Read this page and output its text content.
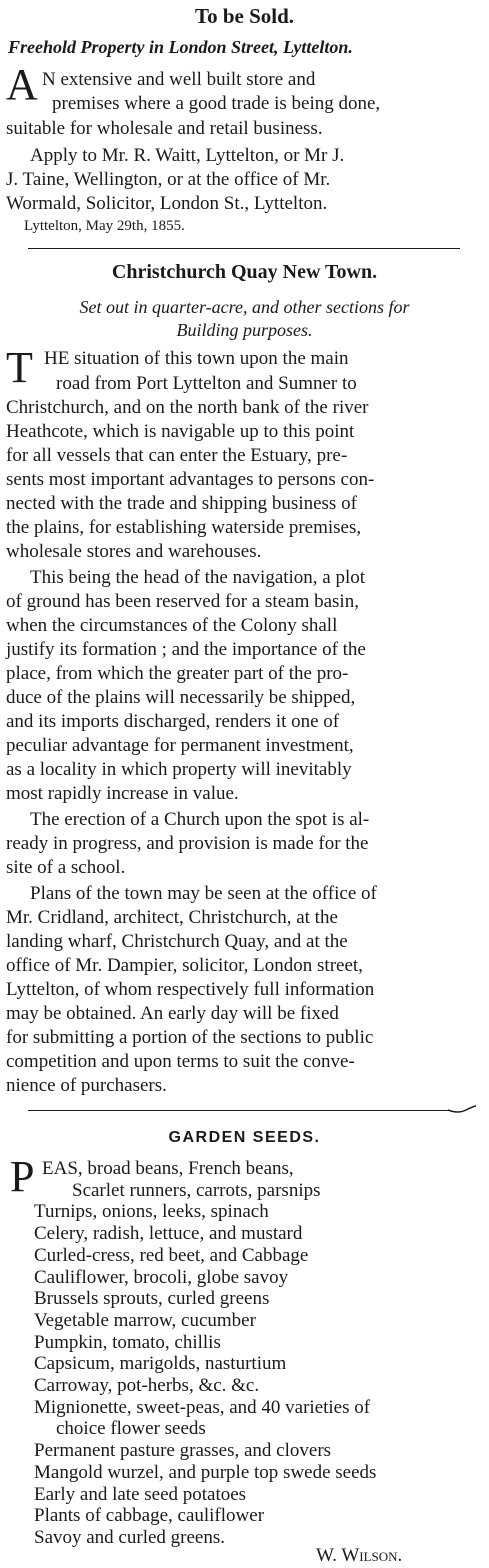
To be Sold.
Freehold Property in London Street, Lyttelton.
A N extensive and well built store and
premises where a good trade is being done,
suitable for wholesale and retail business.
Apply to Mr. R. Waitt, Lyttelton, or Mr J.
J. Taine, Wellington, or at the office of Mr.
Wormald, Solicitor, London St., Lyttelton.
Lyttelton, May 29th, 1855.
Christchurch Quay New Town.
Set out in quarter-acre, and other sections for
Building purposes.
T HE situation of this town upon the main
road from Port Lyttelton and Sumner to
Christchurch, and on the north bank of the river
Heathcote, which is navigable up to this point
for all vessels that can enter the Estuary, pre-
sents most important advantages to persons con-
nected with the trade and shipping business of
the plains, for establishing waterside premises,
wholesale stores and warehouses.
This being the head of the navigation, a plot
of ground has been reserved for a steam basin,
when the circumstances of the Colony shall
justify its formation ; and the importance of the
place, from which the greater part of the pro-
duce of the plains will necessarily be shipped,
and its imports discharged, renders it one of
peculiar advantage for permanent investment,
as a locality in which property will inevitably
most rapidly increase in value.
The erection of a Church upon the spot is al-
ready in progress, and provision is made for the
site of a school.
Plans of the town may be seen at the office of
Mr. Cridland, architect, Christchurch, at the
landing wharf, Christchurch Quay, and at the
office of Mr. Dampier, solicitor, London street,
Lyttelton, of whom respectively full information
may be obtained. An early day will be fixed
for submitting a portion of the sections to public
competition and upon terms to suit the conve-
nience of purchasers.
GARDEN SEEDS.
P EAS, broad beans, French beans,
Scarlet runners, carrots, parsnips
Turnips, onions, leeks, spinach
Celery, radish, lettuce, and mustard
Curled-cress, red beet, and Cabbage
Cauliflower, brocoli, globe savoy
Brussels sprouts, curled greens
Vegetable marrow, cucumber
Pumpkin, tomato, chillis
Capsicum, marigolds, nasturtium
Carroway, pot-herbs, &c. &c.
Mignionette, sweet-peas, and 40 varieties of
choice flower seeds
Permanent pasture grasses, and clovers
Mangold wurzel, and purple top swede seeds
Early and late seed potatoes
Plants of cabbage, cauliflower
Savoy and curled greens.
W. Wilson.
